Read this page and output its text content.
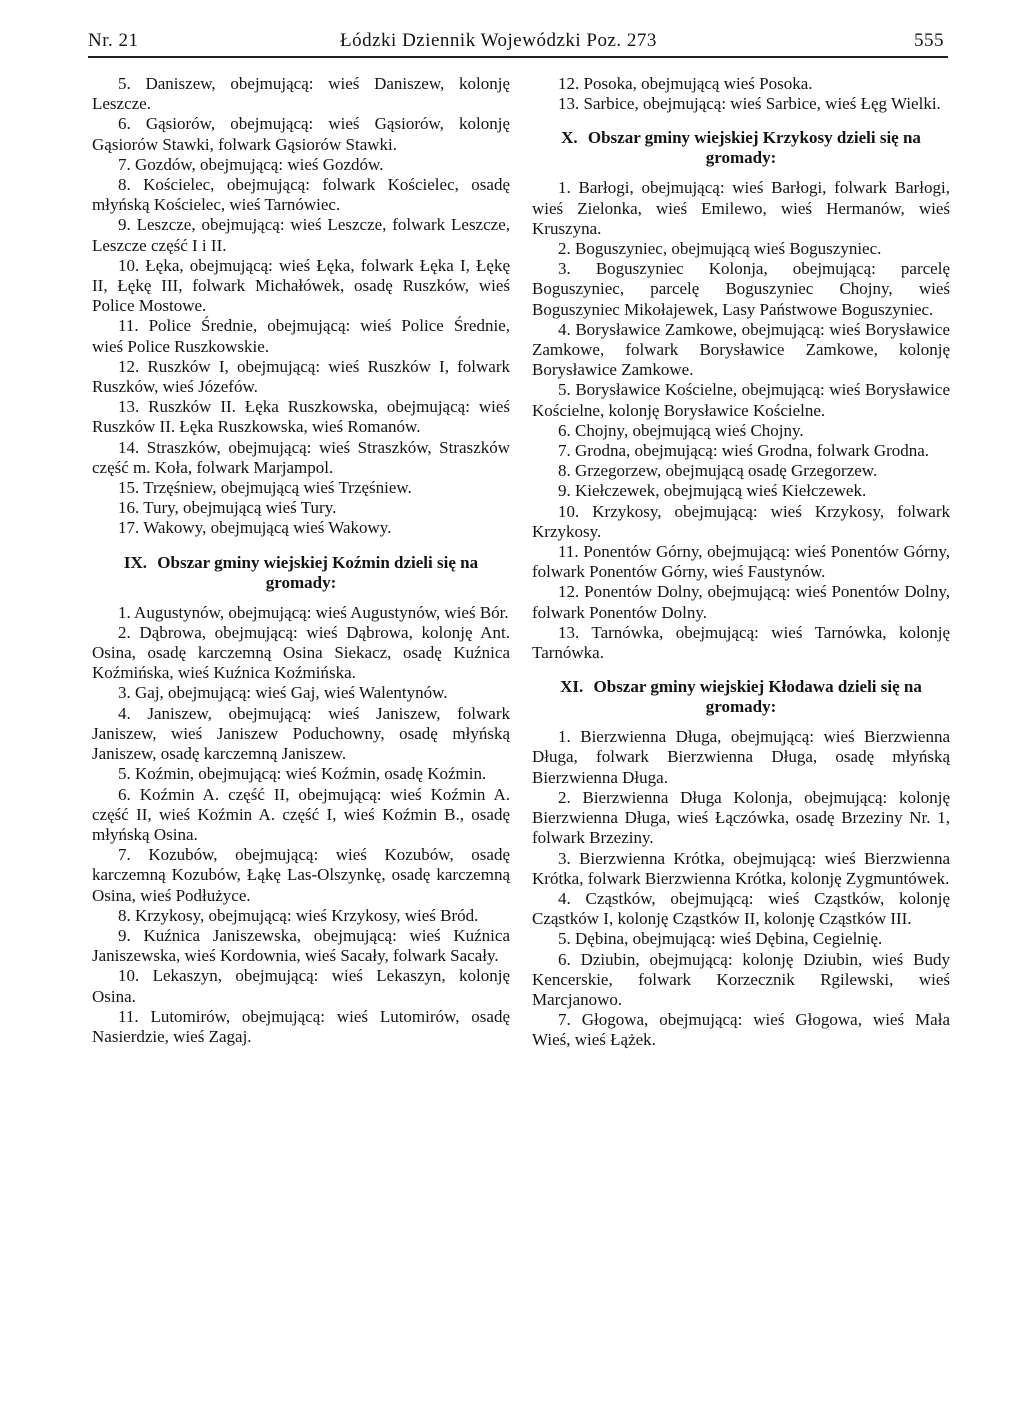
Nr. 21	Łódzki Dziennik Wojewódzki Poz. 273	555

5. Daniszew, obejmującą: wieś Daniszew, kolonję Leszcze.

6. Gąsiorów, obejmującą: wieś Gąsiorów, kolonję Gąsiorów Stawki, folwark Gąsiorów Stawki.

7. Gozdów, obejmującą: wieś Gozdów.

8. Kościelec, obejmującą: folwark Kościelec, osadę młyńską Kościelec, wieś Tarnówiec.

9. Leszcze, obejmującą: wieś Leszcze, folwark Leszcze, Leszcze część I i II.

10. Łęka, obejmującą: wieś Łęka, folwark Łęka I, Łękę II, Łękę III, folwark Michałówek, osadę Ruszków, wieś Police Mostowe.

11. Police Średnie, obejmującą: wieś Police Średnie, wieś Police Ruszkowskie.

12. Ruszków I, obejmującą: wieś Ruszków I, folwark Ruszków, wieś Józefów.

13. Ruszków II. Łęka Ruszkowska, obejmującą: wieś Ruszków II. Łęka Ruszkowska, wieś Romanów.

14. Straszków, obejmującą: wieś Straszków, Straszków część m. Koła, folwark Marjampol.

15. Trzęśniew, obejmującą wieś Trzęśniew.

16. Tury, obejmującą wieś Tury.

17. Wakowy, obejmującą wieś Wakowy.

IX. Obszar gminy wiejskiej Koźmin dzieli się na gromady:

1. Augustynów, obejmującą: wieś Augustynów, wieś Bór.

2. Dąbrowa, obejmującą: wieś Dąbrowa, kolonję Ant. Osina, osadę karczemną Osina Siekacz, osadę Kuźnica Koźmińska, wieś Kuźnica Koźmińska.

3. Gaj, obejmującą: wieś Gaj, wieś Walentynów.

4. Janiszew, obejmującą: wieś Janiszew, folwark Janiszew, wieś Janiszew Poduchowny, osadę młyńską Janiszew, osadę karczemną Janiszew.

5. Koźmin, obejmującą: wieś Koźmin, osadę Koźmin.

6. Koźmin A. część II, obejmującą: wieś Koźmin A. część II, wieś Koźmin A. część I, wieś Koźmin B., osadę młyńską Osina.

7. Kozubów, obejmującą: wieś Kozubów, osadę karczemną Kozubów, Łąkę Las-Olszynkę, osadę karczemną Osina, wieś Podłużyce.

8. Krzykosy, obejmującą: wieś Krzykosy, wieś Bród.

9. Kuźnica Janiszewska, obejmującą: wieś Kuźnica Janiszewska, wieś Kordownia, wieś Sacały, folwark Sacały.

10. Lekaszyn, obejmującą: wieś Lekaszyn, kolonję Osina.

11. Lutomirów, obejmującą: wieś Lutomirów, osadę Nasierdzie, wieś Zagaj.

12. Posoka, obejmującą wieś Posoka.

13. Sarbice, obejmującą: wieś Sarbice, wieś Łęg Wielki.

X. Obszar gminy wiejskiej Krzykosy dzieli się na gromady:

1. Barłogi, obejmującą: wieś Barłogi, folwark Barłogi, wieś Zielonka, wieś Emilewo, wieś Hermanów, wieś Kruszyna.

2. Boguszyniec, obejmującą wieś Boguszyniec.

3. Boguszyniec Kolonja, obejmującą: parcelę Boguszyniec, parcelę Boguszyniec Chojny, wieś Boguszyniec Mikołajewek, Lasy Państwowe Boguszyniec.

4. Borysławice Zamkowe, obejmującą: wieś Borysławice Zamkowe, folwark Borysławice Zamkowe, kolonję Borysławice Zamkowe.

5. Borysławice Kościelne, obejmującą: wieś Borysławice Kościelne, kolonję Borysławice Kościelne.

6. Chojny, obejmującą wieś Chojny.

7. Grodna, obejmującą: wieś Grodna, folwark Grodna.

8. Grzegorzew, obejmującą osadę Grzegorzew.

9. Kiełczewek, obejmującą wieś Kiełczewek.

10. Krzykosy, obejmującą: wieś Krzykosy, folwark Krzykosy.

11. Ponentów Górny, obejmującą: wieś Ponentów Górny, folwark Ponentów Górny, wieś Faustynów.

12. Ponentów Dolny, obejmującą: wieś Ponentów Dolny, folwark Ponentów Dolny.

13. Tarnówka, obejmującą: wieś Tarnówka, kolonję Tarnówka.

XI. Obszar gminy wiejskiej Kłodawa dzieli się na gromady:

1. Bierzwienna Długa, obejmującą: wieś Bierzwienna Długa, folwark Bierzwienna Długa, osadę młyńską Bierzwienna Długa.

2. Bierzwienna Długa Kolonja, obejmującą: kolonję Bierzwienna Długa, wieś Łączówka, osadę Brzeziny Nr. 1, folwark Brzeziny.

3. Bierzwienna Krótka, obejmującą: wieś Bierzwienna Krótka, folwark Bierzwienna Krótka, kolonję Zygmuntówek.

4. Cząstków, obejmującą: wieś Cząstków, kolonję Cząstków I, kolonję Cząstków II, kolonję Cząstków III.

5. Dębina, obejmującą: wieś Dębina, Cegielnię.

6. Dziubin, obejmującą: kolonję Dziubin, wieś Budy Kencerskie, folwark Korzecznik Rgilewski, wieś Marcjanowo.

7. Głogowa, obejmującą: wieś Głogowa, wieś Mała Wieś, wieś Łążek.
